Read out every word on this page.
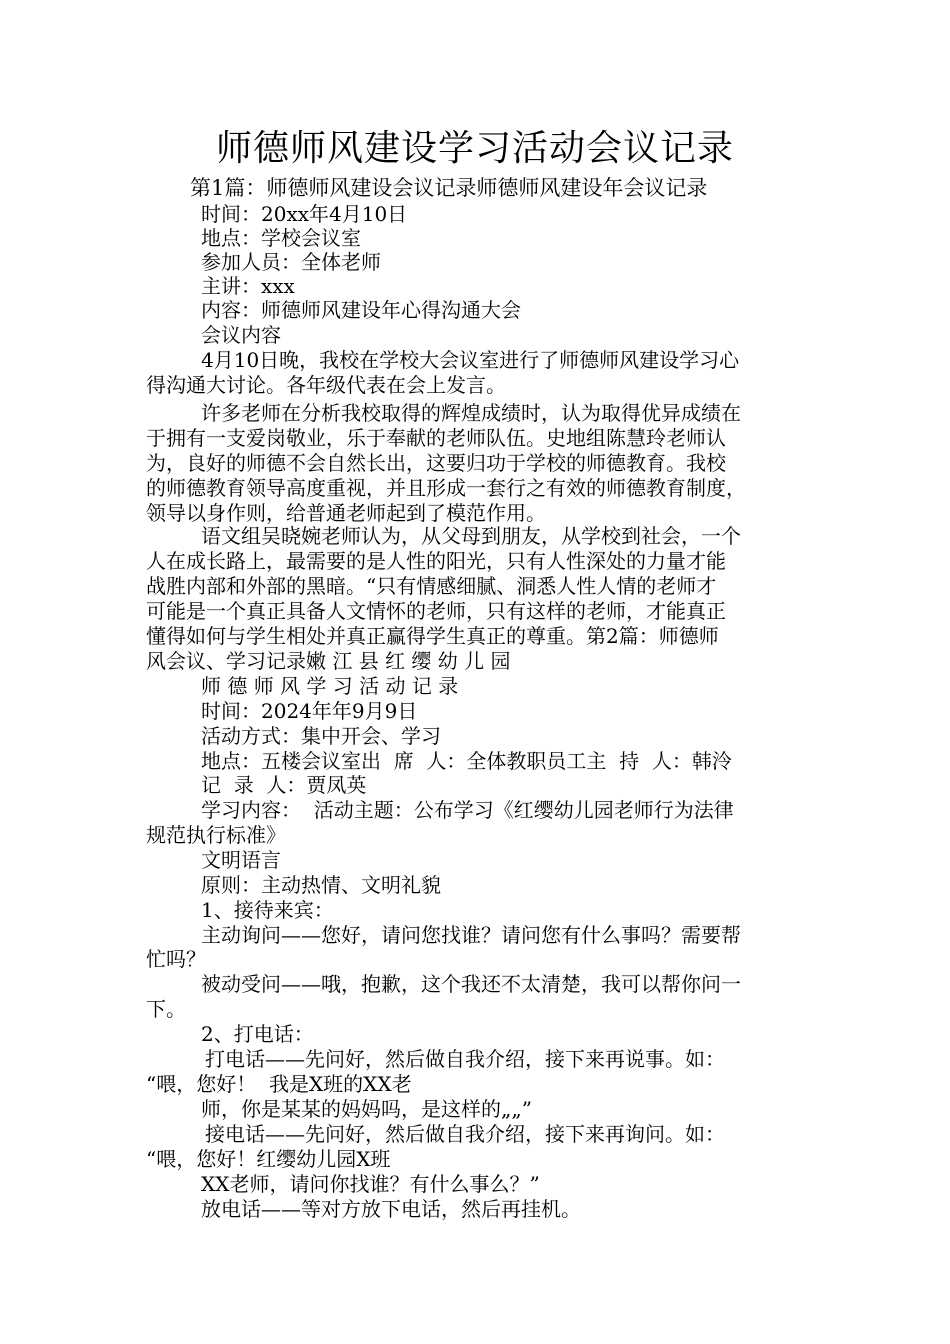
师德师风建设学习活动会议记录
第1篇：师德师风建设会议记录师德师风建设年会议记录
时间：20xx年4月10日
地点：学校会议室
参加人员：全体老师
主讲：xxx
内容：师德师风建设年心得沟通大会
会议内容
4月10日晚，我校在学校大会议室进行了师德师风建设学习心
得沟通大讨论。各年级代表在会上发言。
许多老师在分析我校取得的辉煌成绩时，认为取得优异成绩在
于拥有一支爱岗敬业，乐于奉献的老师队伍。史地组陈慧玲老师认
为，良好的师德不会自然长出，这要归功于学校的师德教育。我校
的师德教育领导高度重视，并且形成一套行之有效的师德教育制度，
领导以身作则，给普通老师起到了模范作用。
语文组吴晓婉老师认为，从父母到朋友，从学校到社会，一个
人在成长路上，最需要的是人性的阳光，只有人性深处的力量才能
战胜内部和外部的黑暗。“只有情感细腻、洞悉人性人情的老师才
可能是一个真正具备人文情怀的老师，只有这样的老师，才能真正
懂得如何与学生相处并真正赢得学生真正的尊重。第2篇：师德师
风会议、学习记录嫩 江 县 红 缨 幼 儿 园
师 德 师 风 学 习 活 动 记 录
时间：2024年年9月9日
活动方式：集中开会、学习
地点：五楼会议室出  席  人：全体教职员工主  持  人：韩泠
记  录  人：贾凤英
学习内容：  活动主题：公布学习《红缨幼儿园老师行为法律
规范执行标准》
文明语言
原则：主动热情、文明礼貌
1、接待来宾：
主动询问——您好，请问您找谁？请问您有什么事吗？需要帮
忙吗？
被动受问——哦，抱歉，这个我还不太清楚，我可以帮你问一
下。
2、打电话：
打电话——先问好，然后做自我介绍，接下来再说事。如：
“喂，您好！  我是X班的XX老
师，你是某某的妈妈吗，是这样的„„”
接电话——先问好，然后做自我介绍，接下来再询问。如：
“喂，您好！红缨幼儿园X班
XX老师，请问你找谁？有什么事么？”
放电话——等对方放下电话，然后再挂机。
